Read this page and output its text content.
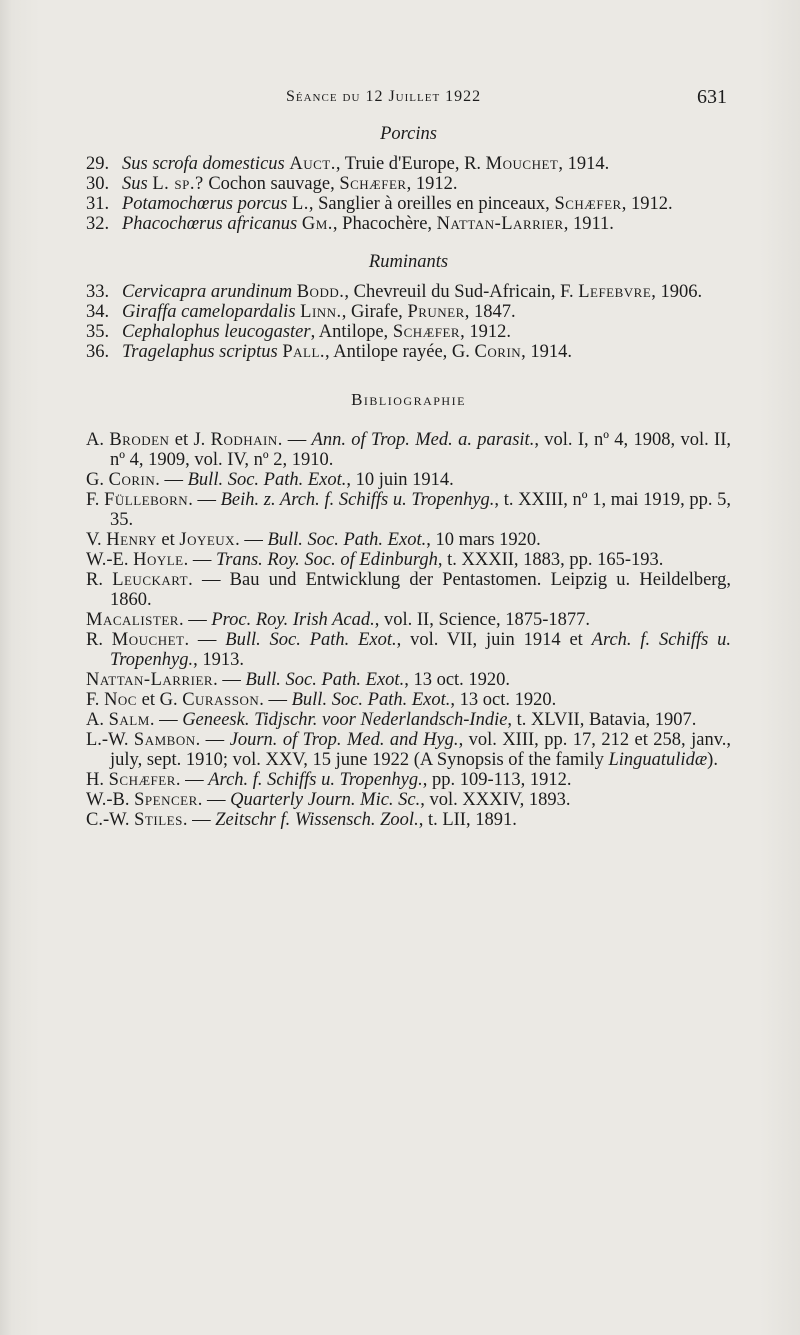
Séance du 12 Juillet 1922	631
Porcins
29. Sus scrofa domesticus Auct., Truie d'Europe, R. Mouchet, 1914.
30. Sus L. sp.? Cochon sauvage, Schæfer, 1912.
31. Potamochœrus porcus L., Sanglier à oreilles en pinceaux, Schæfer, 1912.
32. Phacochœrus africanus Gm., Phacochère, Nattan-Larrier, 1911.
Ruminants
33. Cervicapra arundinum Bodd., Chevreuil du Sud-Africain, F. Lefebvre, 1906.
34. Giraffa camelopardalis Linn., Girafe, Pruner, 1847.
35. Cephalophus leucogaster, Antilope, Schæfer, 1912.
36. Tragelaphus scriptus Pall., Antilope rayée, G. Corin, 1914.
Bibliographie
A. Broden et J. Rodhain. — Ann. of Trop. Med. a. parasit., vol. I, nº 4, 1908, vol. II, nº 4, 1909, vol. IV, nº 2, 1910.
G. Corin. — Bull. Soc. Path. Exot., 10 juin 1914.
F. Fülleborn. — Beih. z. Arch. f. Schiffs u. Tropenhyg., t. XXIII, nº 1, mai 1919, pp. 5, 35.
V. Henry et Joyeux. — Bull. Soc. Path. Exot., 10 mars 1920.
W.-E. Hoyle. — Trans. Roy. Soc. of Edinburgh, t. XXXII, 1883, pp. 165-193.
R. Leuckart. — Bau und Entwicklung der Pentastomen. Leipzig u. Heildelberg, 1860.
Macalister. — Proc. Roy. Irish Acad., vol. II, Science, 1875-1877.
R. Mouchet. — Bull. Soc. Path. Exot., vol. VII, juin 1914 et Arch. f. Schiffs u. Tropenhyg., 1913.
Nattan-Larrier. — Bull. Soc. Path. Exot., 13 oct. 1920.
F. Noc et G. Curasson. — Bull. Soc. Path. Exot., 13 oct. 1920.
A. Salm. — Geneesk. Tidjschr. voor Nederlandsch-Indie, t. XLVII, Batavia, 1907.
L.-W. Sambon. — Journ. of Trop. Med. and Hyg., vol. XIII, pp. 17, 212 et 258, janv., july, sept. 1910; vol. XXV, 15 june 1922 (A Synopsis of the family Linguatulidæ).
H. Schæfer. — Arch. f. Schiffs u. Tropenhyg., pp. 109-113, 1912.
W.-B. Spencer. — Quarterly Journ. Mic. Sc., vol. XXXIV, 1893.
C.-W. Stiles. — Zeitschr f. Wissensch. Zool., t. LII, 1891.
